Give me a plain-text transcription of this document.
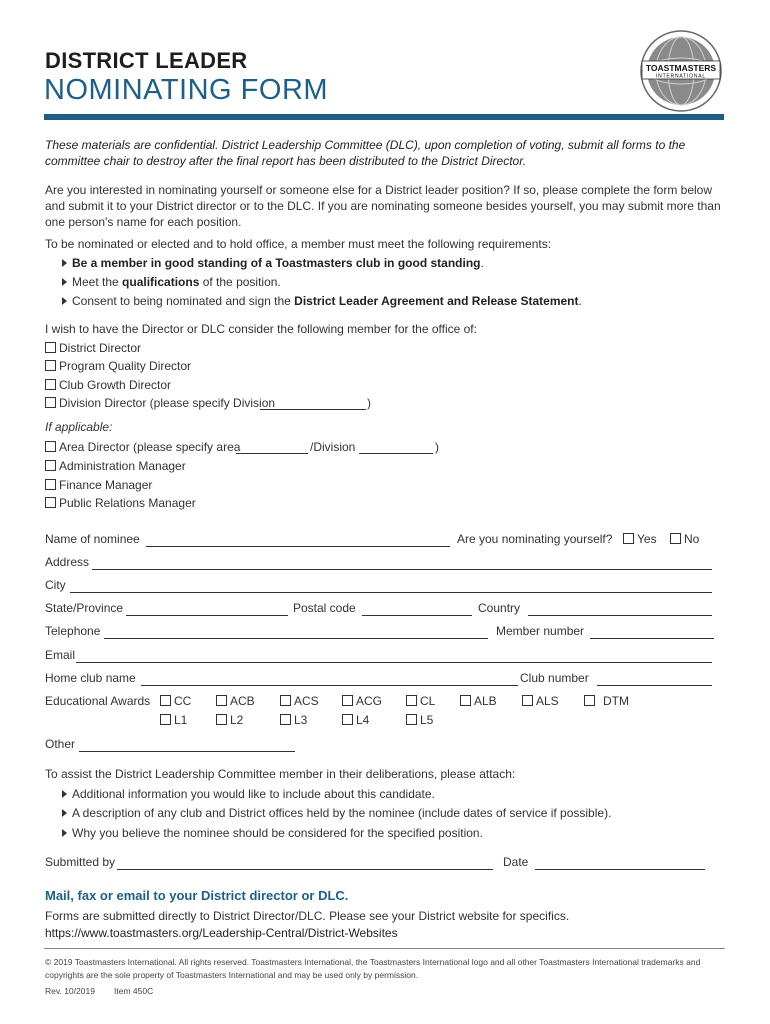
DISTRICT LEADER
NOMINATING FORM
TOASTMASTERS
INTERNATIONAL
These materials are confidential. District Leadership Committee (DLC), upon completion of voting, submit all forms to the committee chair to destroy after the final report has been distributed to the District Director.
Are you interested in nominating yourself or someone else for a District leader position? If so, please complete the form below and submit it to your District director or to the DLC. If you are nominating someone besides yourself, you may submit more than one person's name for each position.
To be nominated or elected and to hold office, a member must meet the following requirements:
Be a member in good standing of a Toastmasters club in good standing.
Meet the qualifications of the position.
Consent to being nominated and sign the District Leader Agreement and Release Statement.
I wish to have the Director or DLC consider the following member for the office of:
District Director
Program Quality Director
Club Growth Director
Division Director (please specify Division	)
If applicable:
Area Director (please specify area	/Division	)
Administration Manager
Finance Manager
Public Relations Manager
Name of nominee	Are you nominating yourself?	Yes	No
Address
City
State/Province	Postal code	Country
Telephone	Member number
Email
Home club name	Club number
Educational Awards	CC	ACB	ACS	ACG	CL	ALB	ALS	DTM
L1	L2	L3	L4	L5
Other
To assist the District Leadership Committee member in their deliberations, please attach:
Additional information you would like to include about this candidate.
A description of any club and District offices held by the nominee (include dates of service if possible).
Why you believe the nominee should be considered for the specified position.
Submitted by	Date
Mail, fax or email to your District director or DLC.
Forms are submitted directly to District Director/DLC. Please see your District website for specifics.
https://www.toastmasters.org/Leadership-Central/District-Websites
© 2019 Toastmasters International. All rights reserved. Toastmasters International, the Toastmasters International logo and all other Toastmasters International trademarks and copyrights are the sole property of Toastmasters International and may be used only by permission.
Rev. 10/2019 Item 450C
